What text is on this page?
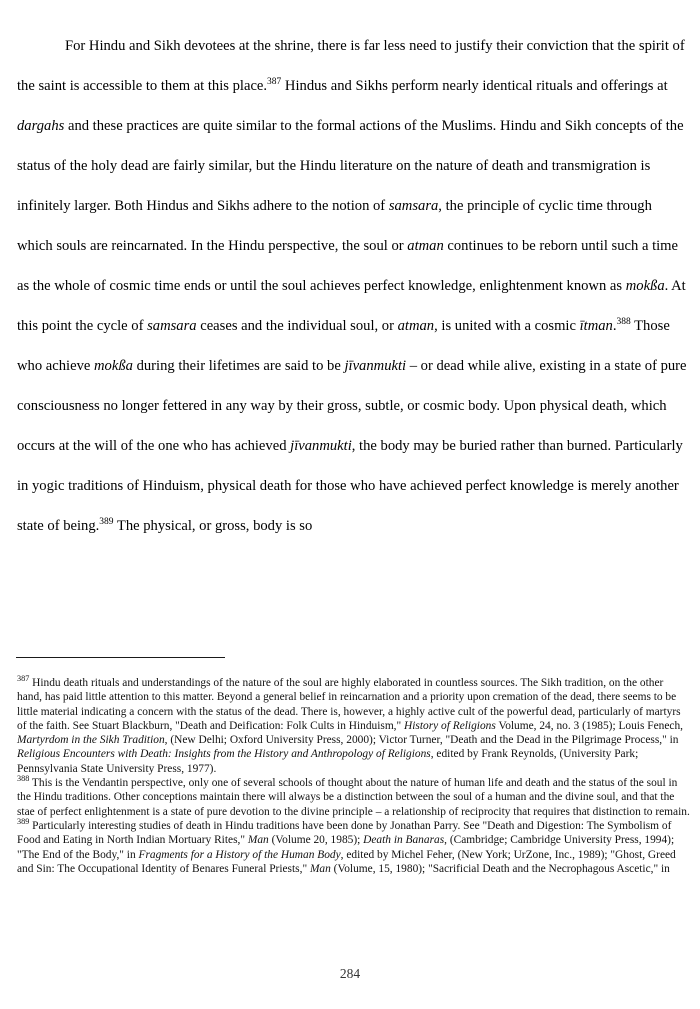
For Hindu and Sikh devotees at the shrine, there is far less need to justify their conviction that the spirit of the saint is accessible to them at this place.$^{387}$ Hindus and Sikhs perform nearly identical rituals and offerings at dargahs and these practices are quite similar to the formal actions of the Muslims. Hindu and Sikh concepts of the status of the holy dead are fairly similar, but the Hindu literature on the nature of death and transmigration is infinitely larger. Both Hindus and Sikhs adhere to the notion of samsara, the principle of cyclic time through which souls are reincarnated. In the Hindu perspective, the soul or atman continues to be reborn until such a time as the whole of cosmic time ends or until the soul achieves perfect knowledge, enlightenment known as mokßa. At this point the cycle of samsara ceases and the individual soul, or atman, is united with a cosmic ītman.$^{388}$ Those who achieve mokßa during their lifetimes are said to be jīvanmukti – or dead while alive, existing in a state of pure consciousness no longer fettered in any way by their gross, subtle, or cosmic body. Upon physical death, which occurs at the will of the one who has achieved jīvanmukti, the body may be buried rather than burned. Particularly in yogic traditions of Hinduism, physical death for those who have achieved perfect knowledge is merely another state of being.$^{389}$ The physical, or gross, body is so

$^{387}$ Hindu death rituals and understandings of the nature of the soul are highly elaborated in countless sources. The Sikh tradition, on the other hand, has paid little attention to this matter. Beyond a general belief in reincarnation and a priority upon cremation of the dead, there seems to be little material indicating a concern with the status of the dead. There is, however, a highly active cult of the powerful dead, particularly of martyrs of the faith. See Stuart Blackburn, "Death and Deification: Folk Cults in Hinduism," History of Religions Volume, 24, no. 3 (1985); Louis Fenech, Martyrdom in the Sikh Tradition, (New Delhi; Oxford University Press, 2000); Victor Turner, "Death and the Dead in the Pilgrimage Process," in Religious Encounters with Death: Insights from the History and Anthropology of Religions, edited by Frank Reynolds, (University Park; Pennsylvania State University Press, 1977).

$^{388}$ This is the Vendantin perspective, only one of several schools of thought about the nature of human life and death and the status of the soul in the Hindu traditions. Other conceptions maintain there will always be a distinction between the soul of a human and the divine soul, and that the stae of perfect enlightenment is a state of pure devotion to the divine principle – a relationship of reciprocity that requires that distinction to remain.

$^{389}$ Particularly interesting studies of death in Hindu traditions have been done by Jonathan Parry. See "Death and Digestion: The Symbolism of Food and Eating in North Indian Mortuary Rites," Man (Volume 20, 1985); Death in Banaras, (Cambridge; Cambridge University Press, 1994); "The End of the Body," in Fragments for a History of the Human Body, edited by Michel Feher, (New York; UrZone, Inc., 1989); "Ghost, Greed and Sin: The Occupational Identity of Benares Funeral Priests," Man (Volume, 15, 1980); "Sacrificial Death and the Necrophagous Ascetic," in

284
